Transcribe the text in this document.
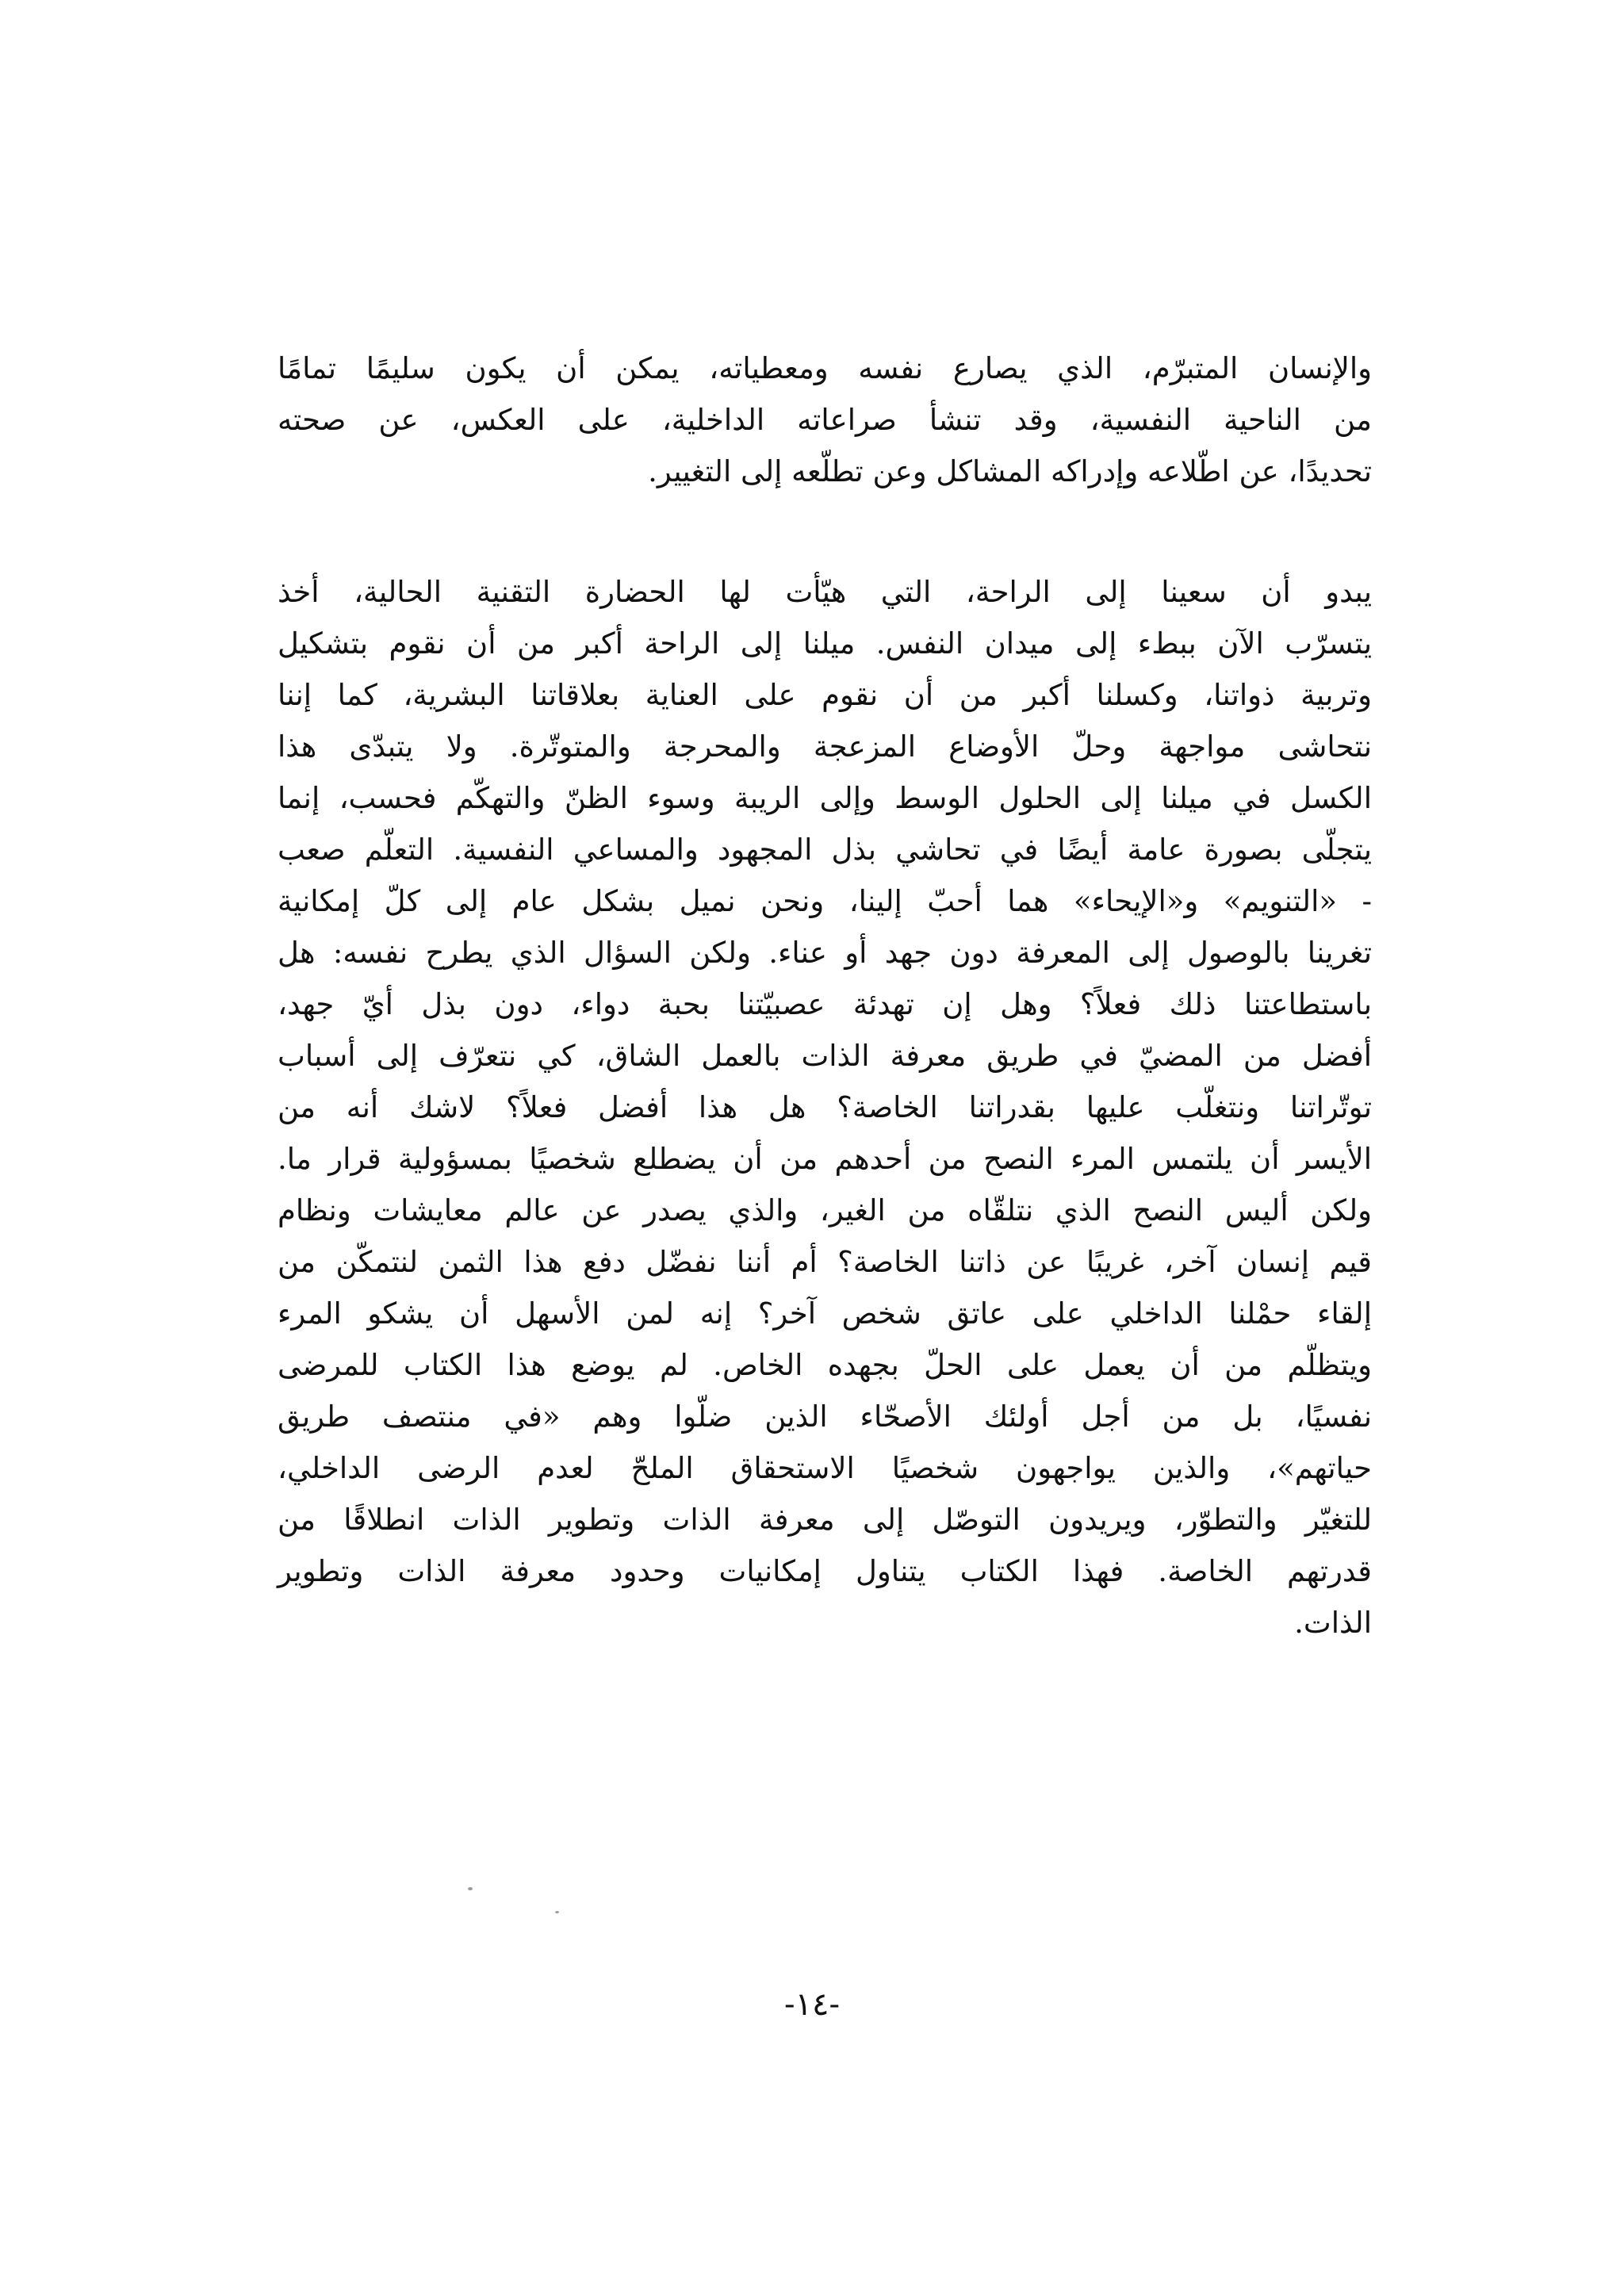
والإنسان المتبرّم، الذي يصارع نفسه ومعطياته، يمكن أن يكون سليمًا تمامًا
من الناحية النفسية، وقد تنشأ صراعاته الداخلية، على العكس، عن صحته
تحديدًا، عن اطّلاعه وإدراكه المشاكل وعن تطلّعه إلى التغيير.
يبدو أن سعينا إلى الراحة، التي هيّأت لها الحضارة التقنية الحالية، أخذ
يتسرّب الآن ببطء إلى ميدان النفس. ميلنا إلى الراحة أكبر من أن نقوم بتشكيل
وتربية ذواتنا، وكسلنا أكبر من أن نقوم على العناية بعلاقاتنا البشرية، كما إننا
نتحاشى مواجهة وحلّ الأوضاع المزعجة والمحرجة والمتوتّرة. ولا يتبدّى هذا
الكسل في ميلنا إلى الحلول الوسط وإلى الريبة وسوء الظنّ والتهكّم فحسب، إنما
يتجلّى بصورة عامة أيضًا في تحاشي بذل المجهود والمساعي النفسية. التعلّم صعب
- «التنويم» و«الإيحاء» هما أحبّ إلينا، ونحن نميل بشكل عام إلى كلّ إمكانية
تغرينا بالوصول إلى المعرفة دون جهد أو عناء. ولكن السؤال الذي يطرح نفسه: هل
باستطاعتنا ذلك فعلاً؟ وهل إن تهدئة عصبيّتنا بحبة دواء، دون بذل أيّ جهد،
أفضل من المضيّ في طريق معرفة الذات بالعمل الشاق، كي نتعرّف إلى أسباب
توتّراتنا ونتغلّب عليها بقدراتنا الخاصة؟ هل هذا أفضل فعلاً؟ لاشك أنه من
الأيسر أن يلتمس المرء النصح من أحدهم من أن يضطلع شخصيًا بمسؤولية قرار ما.
ولكن أليس النصح الذي نتلقّاه من الغير، والذي يصدر عن عالم معايشات ونظام
قيم إنسان آخر، غريبًا عن ذاتنا الخاصة؟ أم أننا نفضّل دفع هذا الثمن لنتمكّن من
إلقاء حمْلنا الداخلي على عاتق شخص آخر؟ إنه لمن الأسهل أن يشكو المرء
ويتظلّم من أن يعمل على الحلّ بجهده الخاص. لم يوضع هذا الكتاب للمرضى
نفسيًا، بل من أجل أولئك الأصحّاء الذين ضلّوا وهم «في منتصف طريق
حياتهم»، والذين يواجهون شخصيًا الاستحقاق الملحّ لعدم الرضى الداخلي،
للتغيّر والتطوّر، ويريدون التوصّل إلى معرفة الذات وتطوير الذات انطلاقًا من
قدرتهم الخاصة. فهذا الكتاب يتناول إمكانيات وحدود معرفة الذات وتطوير
الذات.
-١٤-
